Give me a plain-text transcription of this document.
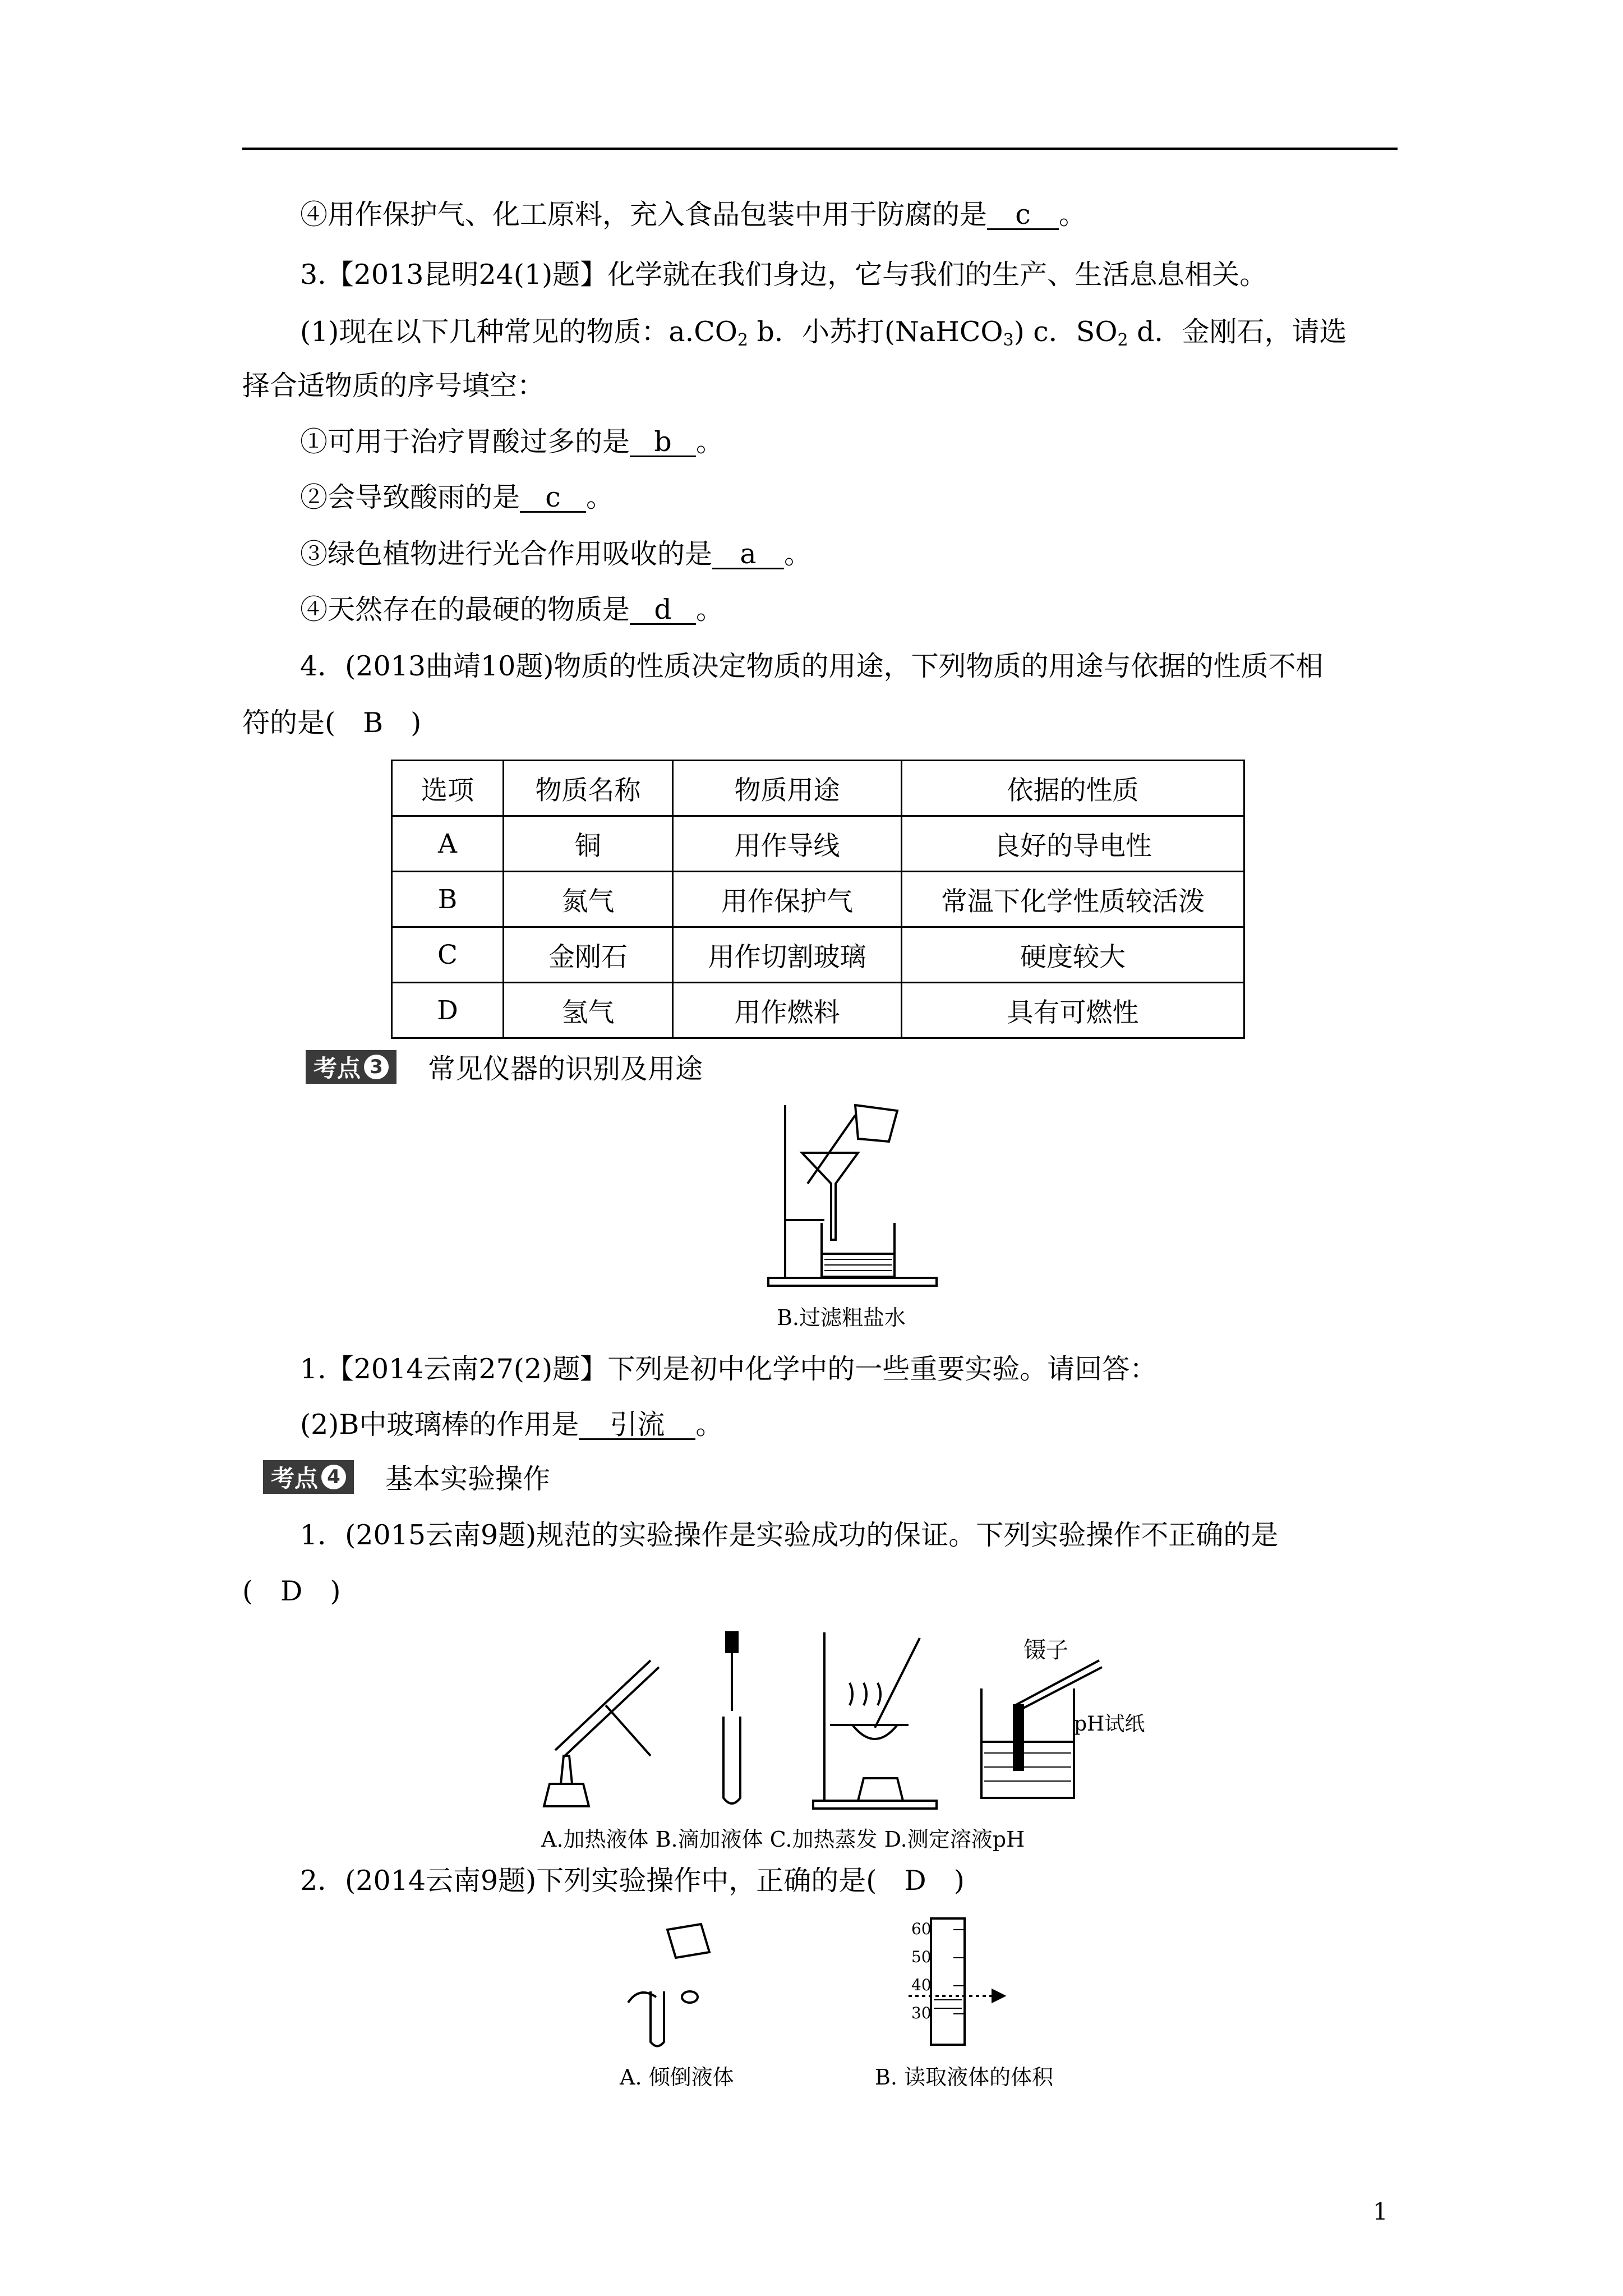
④用作保护气、化工原料，充入食品包装中用于防腐的是 c 。
3.【2013昆明24(1)题】化学就在我们身边，它与我们的生产、生活息息相关。
(1)现在以下几种常见的物质：$a.CO_2$ b．小苏打(NaHCO$_3$) c．$SO_2$ d．金刚石，请选
择合适物质的序号填空：
①可用于治疗胃酸过多的是 b 。
②会导致酸雨的是 c 。
③绿色植物进行光合作用吸收的是 a 。
④天然存在的最硬的物质是 d 。
4．(2013曲靖10题)物质的性质决定物质的用途，下列物质的用途与依据的性质不相
符的是(　B　)
选项	物质名称	物质用途	依据的性质
A	铜	用作导线	良好的导电性
B	氮气	用作保护气	常温下化学性质较活泼
C	金刚石	用作切割玻璃	硬度较大
D	氢气	用作燃料	具有可燃性
考点 3 常见仪器的识别及用途
B.过滤粗盐水
1.【2014云南27(2)题】下列是初中化学中的一些重要实验。请回答：
(2)B中玻璃棒的作用是 引流 。
考点 4 基本实验操作
1．(2015云南9题)规范的实验操作是实验成功的保证。下列实验操作不正确的是
(　D　)
镊子
pH试纸
A.加热液体 B.滴加液体 C.加热蒸发 D.测定溶液pH
2．(2014云南9题)下列实验操作中，正确的是(　D　)
60
50
40
30
A. 倾倒液体	B. 读取液体的体积
1
